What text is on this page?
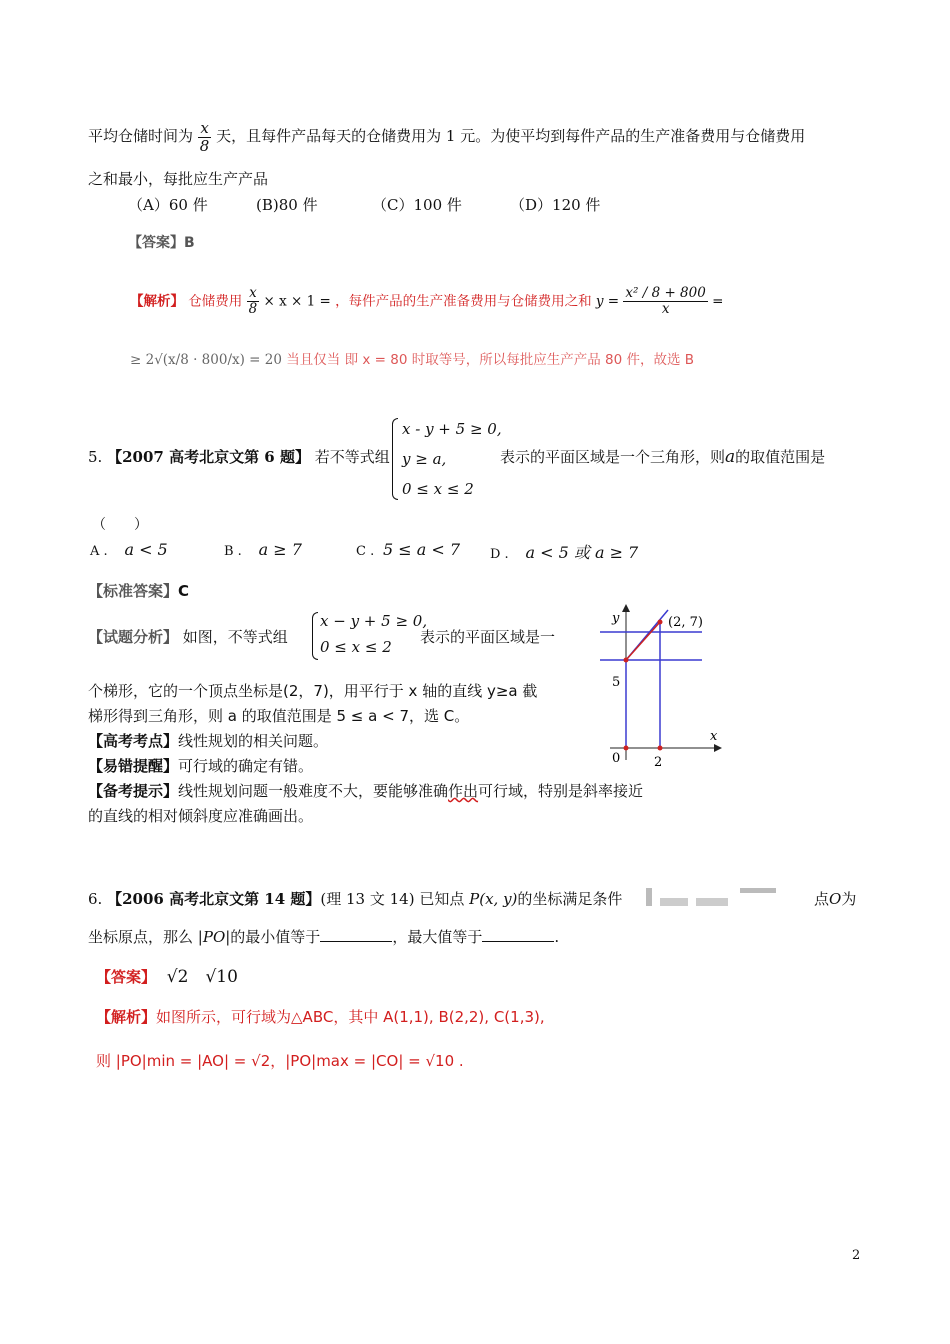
平均仓储时间为 $\frac{x}{8}$ 天，且每件产品每天的仓储费用为 1 元。为使平均到每件产品的生产准备费用与仓储费用
之和最小，每批应生产产品
（A）60 件	(B)80 件	（C）100 件	（D）120 件
【答案】B
【解析】 仓储费用 $\frac{x}{8} \times x \times 1$ = ，每件产品的生产准备费用与仓储费用之和 $y = \frac{\text{x² / 8 + 800}}{x}$ =
≥ 2√(x/8 · 800/x) = 20 当且仅当 即 x = 80 时取等号，所以每批应生产产品 80 件，故选 B
5. 【2007 高考北京文第 6 题】 若不等式组
x - y + 5 ≥ 0,
y ≥ a,
0 ≤ x ≤ 2
表示的平面区域是一个三角形，则a的取值范围是
（　　）
A . a < 5	B . a ≥ 7	C . 5 ≤ a < 7 D . a < 5 或 a ≥ 7
【标准答案】C
【试题分析】 如图，不等式组
x − y + 5 ≥ 0,
0 ≤ x ≤ 2
表示的平面区域是一
个梯形，它的一个顶点坐标是(2，7)，用平行于 x 轴的直线 y≥a 截
梯形得到三角形，则 a 的取值范围是 5 ≤ a < 7，选 C。
【高考考点】线性规划的相关问题。
【易错提醒】可行域的确定有错。
【备考提示】线性规划问题一般难度不大，要能够准确作出可行域，特别是斜率接近
的直线的相对倾斜度应准确画出。
y
x
(2, 7)
5
0	2
6. 【2006 高考北京文第 14 题】(理 13 文 14) 已知点 P(x, y)的坐标满足条件	点O为
坐标原点，那么 |PO|的最小值等于	，最大值等于	.
【答案】 √2　√10
【解析】如图所示，可行域为△ABC，其中 A(1,1), B(2,2), C(1,3),
则 |PO|min = |AO| = √2，|PO|max = |CO| = √10 .
2
